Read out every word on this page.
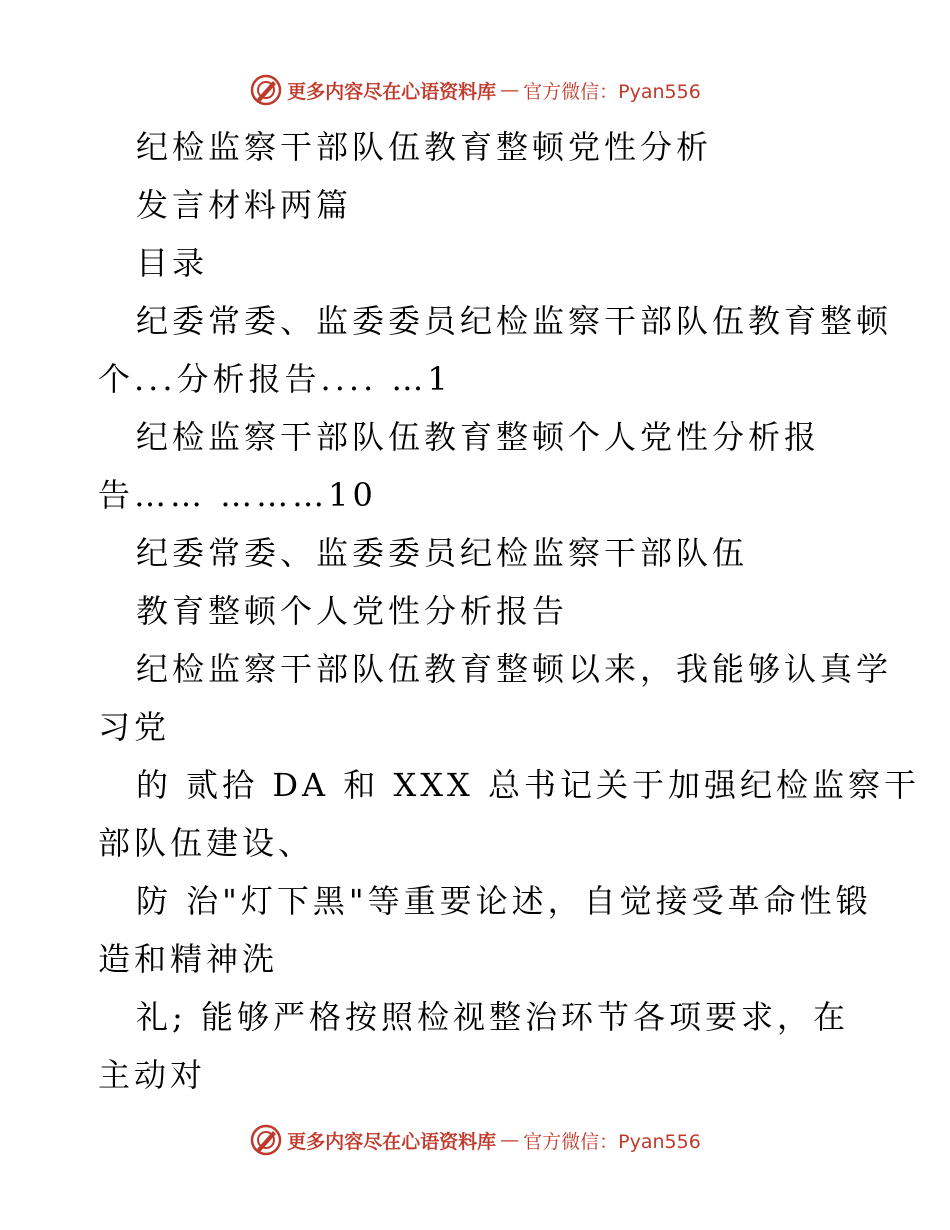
更多内容尽在心语资料库 — 官方微信：Pyan556
纪检监察干部队伍教育整顿党性分析
发言材料两篇
目录
纪委常委、监委委员纪检监察干部队伍教育整顿
个...分析报告.... …1
纪检监察干部队伍教育整顿个人党性分析报
告…… ………10
纪委常委、监委委员纪检监察干部队伍
教育整顿个人党性分析报告
纪检监察干部队伍教育整顿以来，我能够认真学
习党
的 贰拾 DA 和 XXX 总书记关于加强纪检监察干
部队伍建设、
防 治"灯下黑"等重要论述，自觉接受革命性锻
造和精神洗
礼; 能够严格按照检视整治环节各项要求，在
主动对
更多内容尽在心语资料库 — 官方微信：Pyan556
